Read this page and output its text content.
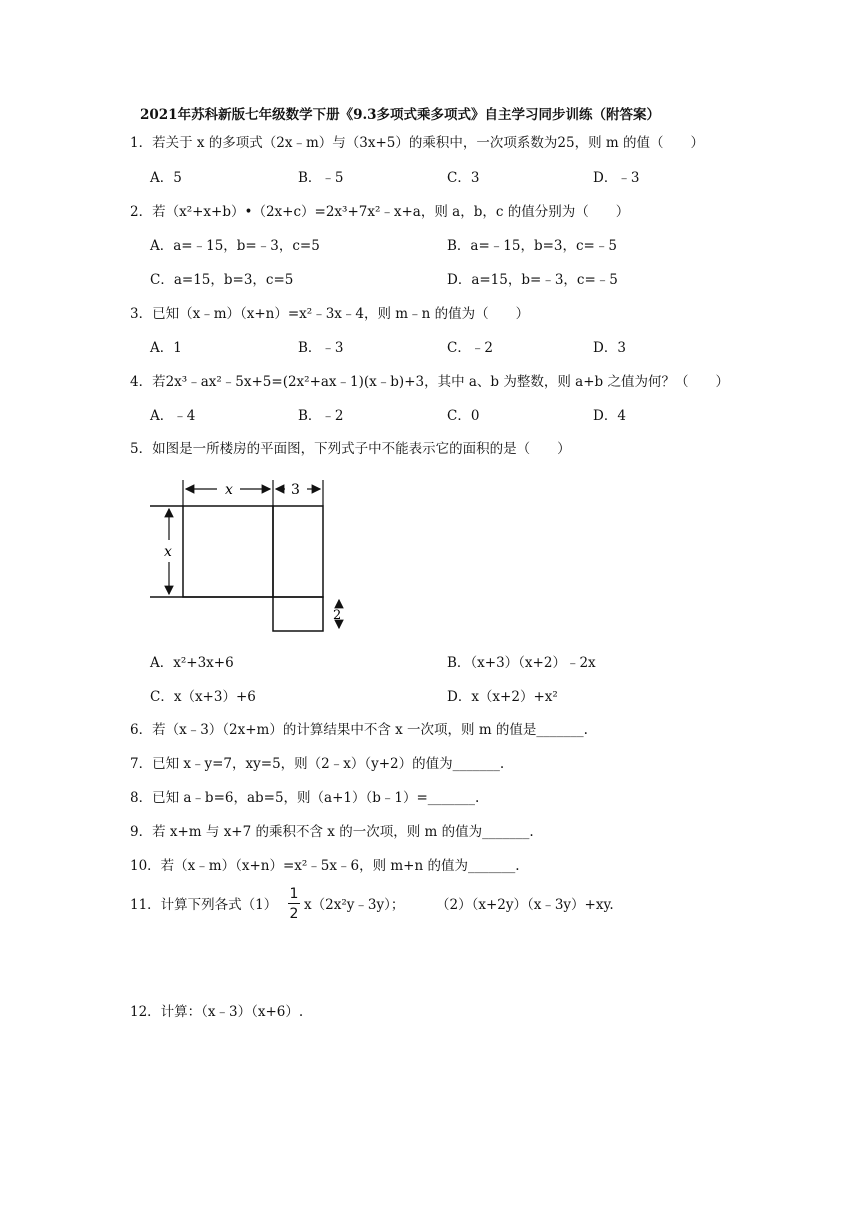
2021年苏科新版七年级数学下册《9.3多项式乘多项式》自主学习同步训练（附答案）
1．若关于 x 的多项式（2x﹣m）与（3x+5）的乘积中，一次项系数为25，则 m 的值（　　）
A．5	B．﹣5	C．3	D．﹣3
2．若（x²+x+b）•（2x+c）=2x³+7x²﹣x+a，则 a，b，c 的值分别为（　　）
A．a=﹣15，b=﹣3，c=5	B．a=﹣15，b=3，c=﹣5
C．a=15，b=3，c=5	D．a=15，b=﹣3，c=﹣5
3．已知（x﹣m）（x+n）=x²﹣3x﹣4，则 m﹣n 的值为（　　）
A．1	B．﹣3	C．﹣2	D．3
4．若2x³﹣ax²﹣5x+5=(2x²+ax﹣1)(x﹣b)+3，其中 a、b 为整数，则 a+b 之值为何？（　　）
A．﹣4	B．﹣2	C．0	D．4
5．如图是一所楼房的平面图，下列式子中不能表示它的面积的是（　　）
x	3
x
2
A．x²+3x+6	B．（x+3）（x+2）﹣2x
C．x（x+3）+6	D．x（x+2）+x²
6．若（x﹣3）（2x+m）的计算结果中不含 x 一次项，则 m 的值是_______.
7．已知 x﹣y=7，xy=5，则（2﹣x）（y+2）的值为_______.
8．已知 a﹣b=6，ab=5，则（a+1）（b﹣1）=_______.
9．若 x+m 与 x+7 的乘积不含 x 的一次项，则 m 的值为_______.
10．若（x﹣m）（x+n）=x²﹣5x﹣6，则 m+n 的值为_______.
11．计算下列各式（1）
1
2
x（2x²y﹣3y）； （2）（x+2y）（x﹣3y）+xy.
12．计算：（x﹣3）（x+6）.
